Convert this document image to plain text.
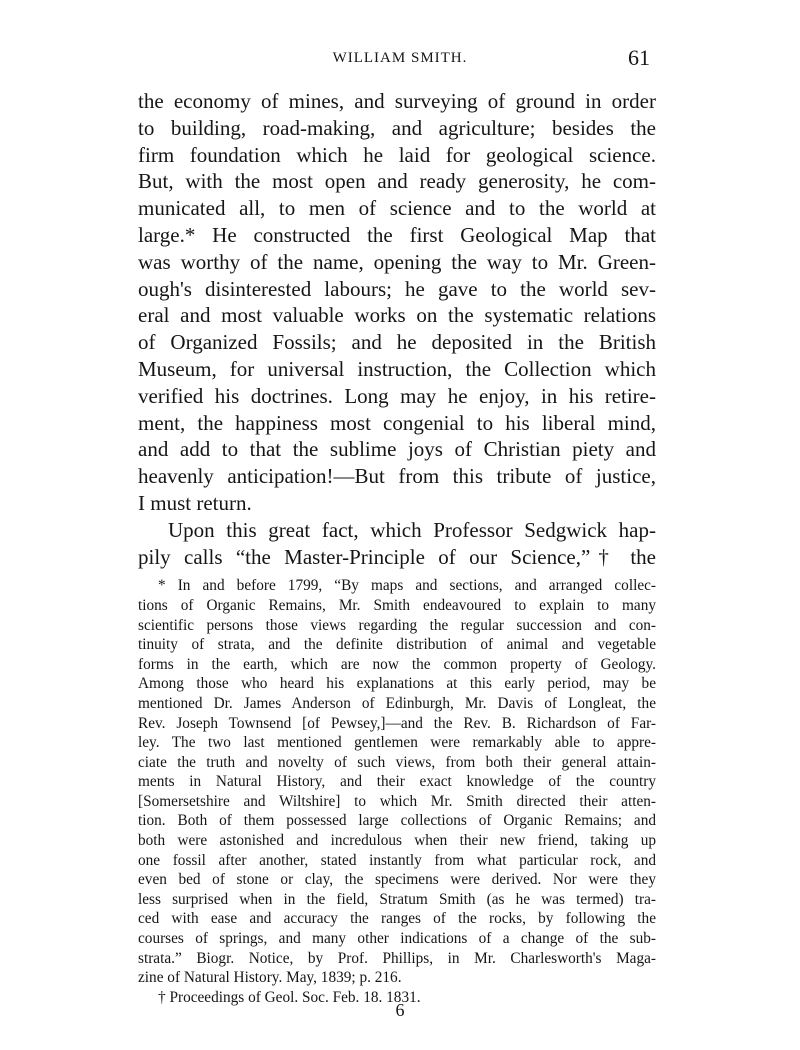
WILLIAM SMITH.	61
the economy of mines, and surveying of ground in order
to building, road-making, and agriculture; besides the
firm foundation which he laid for geological science.
But, with the most open and ready generosity, he com-
municated all, to men of science and to the world at
large.* He constructed the first Geological Map that
was worthy of the name, opening the way to Mr. Green-
ough's disinterested labours; he gave to the world sev-
eral and most valuable works on the systematic relations
of Organized Fossils; and he deposited in the British
Museum, for universal instruction, the Collection which
verified his doctrines. Long may he enjoy, in his retire-
ment, the happiness most congenial to his liberal mind,
and add to that the sublime joys of Christian piety and
heavenly anticipation!—But from this tribute of justice,
I must return.
Upon this great fact, which Professor Sedgwick hap-
pily calls “the Master-Principle of our Science,”† the
* In and before 1799, “By maps and sections, and arranged collec-
tions of Organic Remains, Mr. Smith endeavoured to explain to many
scientific persons those views regarding the regular succession and con-
tinuity of strata, and the definite distribution of animal and vegetable
forms in the earth, which are now the common property of Geology.
Among those who heard his explanations at this early period, may be
mentioned Dr. James Anderson of Edinburgh, Mr. Davis of Longleat, the
Rev. Joseph Townsend [of Pewsey,]—and the Rev. B. Richardson of Far-
ley. The two last mentioned gentlemen were remarkably able to appre-
ciate the truth and novelty of such views, from both their general attain-
ments in Natural History, and their exact knowledge of the country
[Somersetshire and Wiltshire] to which Mr. Smith directed their atten-
tion. Both of them possessed large collections of Organic Remains; and
both were astonished and incredulous when their new friend, taking up
one fossil after another, stated instantly from what particular rock, and
even bed of stone or clay, the specimens were derived. Nor were they
less surprised when in the field, Stratum Smith (as he was termed) tra-
ced with ease and accuracy the ranges of the rocks, by following the
courses of springs, and many other indications of a change of the sub-
strata.” Biogr. Notice, by Prof. Phillips, in Mr. Charlesworth's Maga-
zine of Natural History. May, 1839; p. 216.
† Proceedings of Geol. Soc. Feb. 18. 1831.
6
